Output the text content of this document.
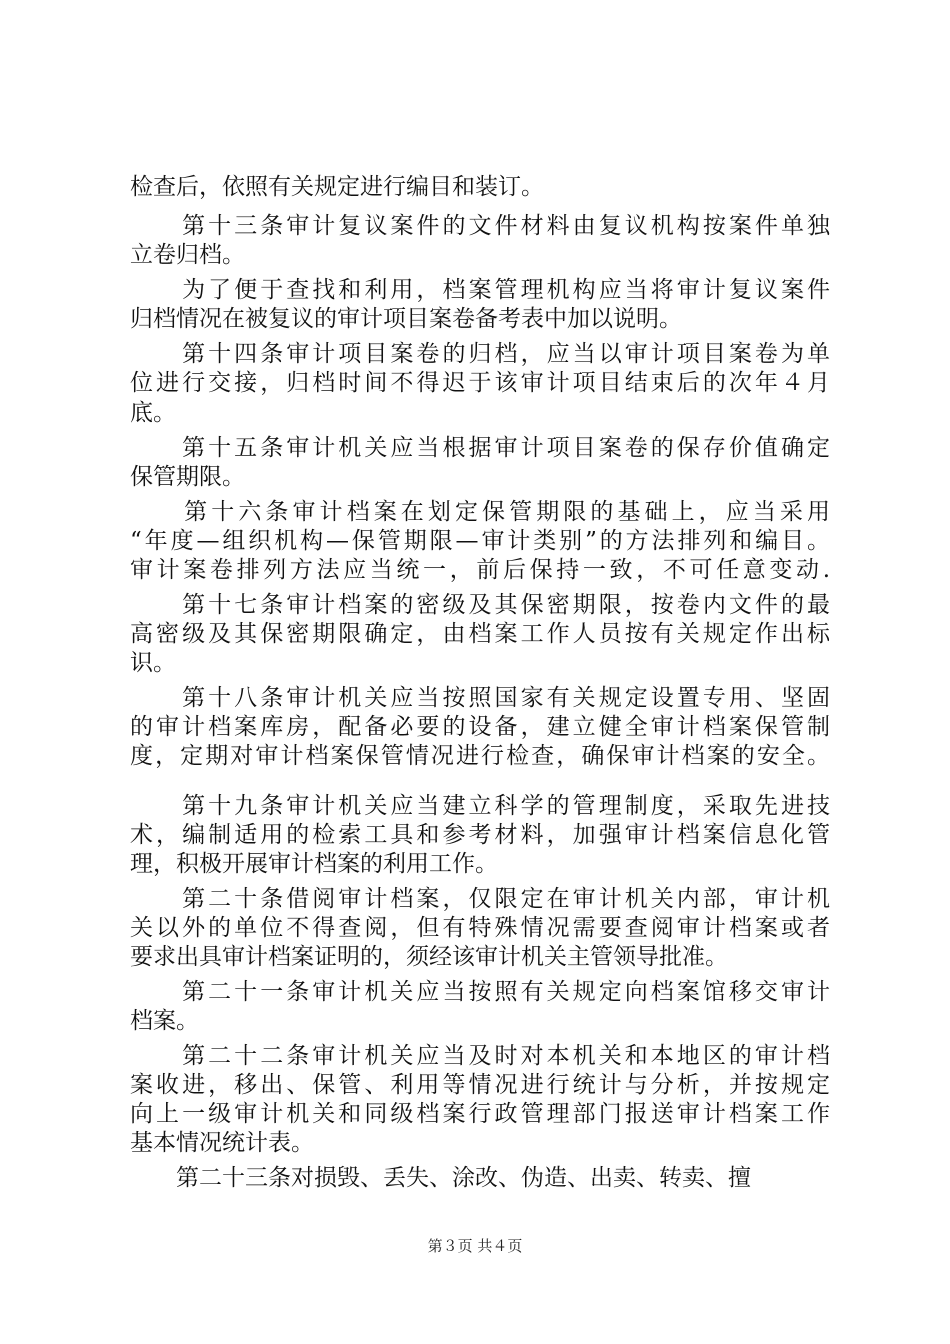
检查后，依照有关规定进行编目和装订。
　　第十三条审计复议案件的文件材料由复议机构按案件单独
立卷归档。
　　为了便于查找和利用，档案管理机构应当将审计复议案件
归档情况在被复议的审计项目案卷备考表中加以说明。
　　第十四条审计项目案卷的归档，应当以审计项目案卷为单
位进行交接，归档时间不得迟于该审计项目结束后的次年４月
底。
　　第十五条审计机关应当根据审计项目案卷的保存价值确定
保管期限。
　　第十六条审计档案在划定保管期限的基础上，应当采用
“年度—组织机构—保管期限—审计类别”的方法排列和编目。
审计案卷排列方法应当统一，前后保持一致，不可任意变动.
　　第十七条审计档案的密级及其保密期限，按卷内文件的最
高密级及其保密期限确定，由档案工作人员按有关规定作出标
识。
　　第十八条审计机关应当按照国家有关规定设置专用、坚固
的审计档案库房，配备必要的设备，建立健全审计档案保管制
度，定期对审计档案保管情况进行检查，确保审计档案的安全。
　　第十九条审计机关应当建立科学的管理制度，采取先进技
术，编制适用的检索工具和参考材料，加强审计档案信息化管
理，积极开展审计档案的利用工作。
　　第二十条借阅审计档案，仅限定在审计机关内部，审计机
关以外的单位不得查阅，但有特殊情况需要查阅审计档案或者
要求出具审计档案证明的，须经该审计机关主管领导批准。
　　第二十一条审计机关应当按照有关规定向档案馆移交审计
档案。
　　第二十二条审计机关应当及时对本机关和本地区的审计档
案收进，移出、保管、利用等情况进行统计与分析，并按规定
向上一级审计机关和同级档案行政管理部门报送审计档案工作
基本情况统计表。
　　第二十三条对损毁、丢失、涂改、伪造、出卖、转卖、擅
第３页 共４页
